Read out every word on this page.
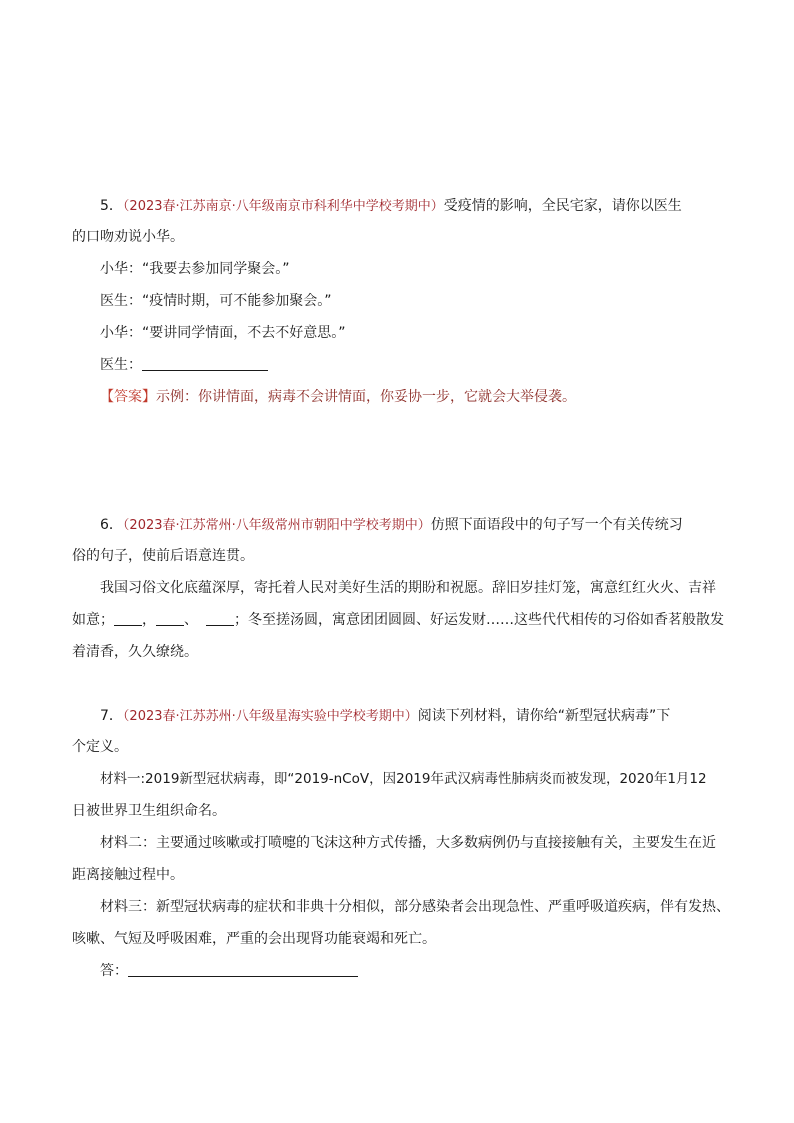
5．（2023春·江苏南京·八年级南京市科利华中学校考期中）受疫情的影响，全民宅家，请你以医生
的口吻劝说小华。
小华：“我要去参加同学聚会。”
医生：“疫情时期，可不能参加聚会。”
小华：“要讲同学情面，不去不好意思。”
医生：
【答案】示例：你讲情面，病毒不会讲情面，你妥协一步，它就会大举侵袭。
6．（2023春·江苏常州·八年级常州市朝阳中学校考期中）仿照下面语段中的句子写一个有关传统习
俗的句子，使前后语意连贯。
我国习俗文化底蕴深厚，寄托着人民对美好生活的期盼和祝愿。辞旧岁挂灯笼，寓意红红火火、吉祥
如意； ， 、	；冬至搓汤圆，寓意团团圆圆、好运发财……这些代代相传的习俗如香茗般散发
着清香，久久缭绕。
7．（2023春·江苏苏州·八年级星海实验中学校考期中）阅读下列材料，请你给“新型冠状病毒”下
个定义。
材料一:2019新型冠状病毒，即“2019-nCoV，因2019年武汉病毒性肺病炎而被发现，2020年1月12
日被世界卫生组织命名。
材料二：主要通过咳嗽或打喷嚏的飞沫这种方式传播，大多数病例仍与直接接触有关，主要发生在近
距离接触过程中。
材料三：新型冠状病毒的症状和非典十分相似，部分感染者会出现急性、严重呼吸道疾病，伴有发热、
咳嗽、气短及呼吸困难，严重的会出现肾功能衰竭和死亡。
答：
